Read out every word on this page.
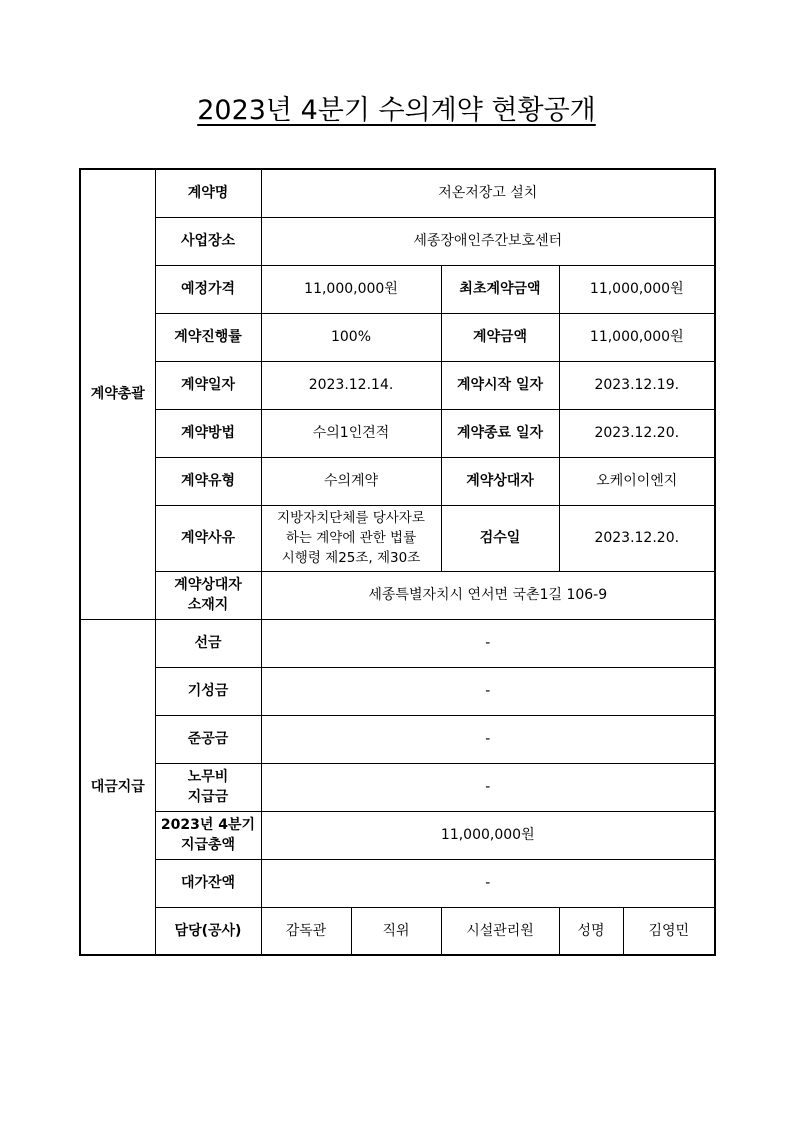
2023년 4분기 수의계약 현황공개
계약총괄	계약명	저온저장고 설치				
	사업장소	세종장애인주간보호센터				
	예정가격	11,000,000원		최초계약금액	11,000,000원	
	계약진행률	100%		계약금액	11,000,000원	
	계약일자	2023.12.14.		계약시작 일자	2023.12.19.	
	계약방법	수의1인견적		계약종료 일자	2023.12.20.	
	계약유형	수의계약		계약상대자	오케이이엔지	
	계약사유	지방자치단체를 당사자로
하는 계약에 관한 법률
시행령 제25조, 제30조		검수일	2023.12.20.	
	계약상대자
소재지	세종특별자치시 연서면 국촌1길 106-9				
대금지급	선금	-				
	기성금	-				
	준공금	-				
	노무비
지급금	-				
	2023년 4분기
지급총액	11,000,000원				
	대가잔액	-				
	담당(공사)	감독관	직위	시설관리원	성명	김영민
